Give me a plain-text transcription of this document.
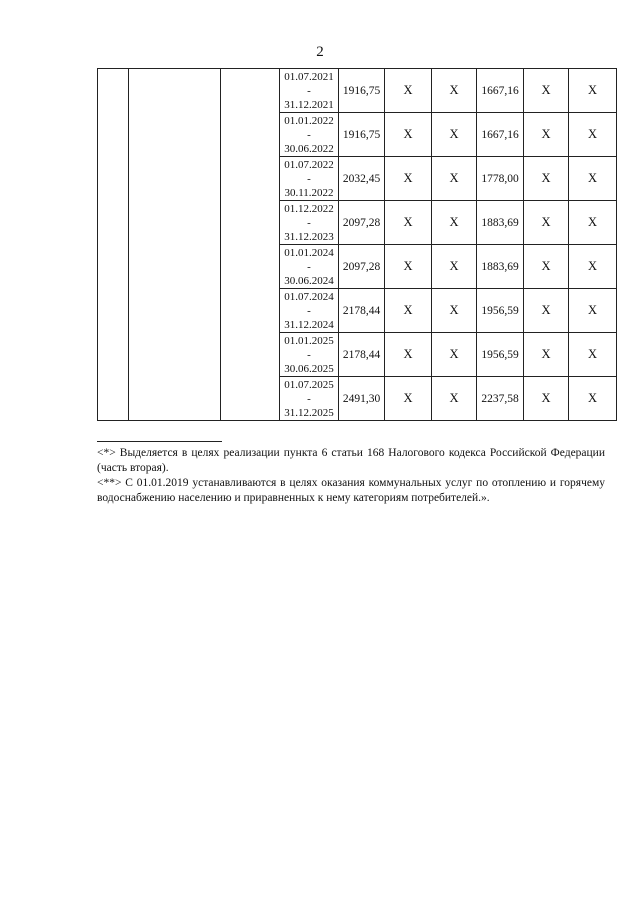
2

			01.07.2021
-
31.12.2021	1916,75	X	X	1667,16	X	X

			01.01.2022
-
30.06.2022	1916,75	X	X	1667,16	X	X

			01.07.2022
-
30.11.2022	2032,45	X	X	1778,00	X	X

			01.12.2022
-
31.12.2023	2097,28	X	X	1883,69	X	X

			01.01.2024
-
30.06.2024	2097,28	X	X	1883,69	X	X

			01.07.2024
-
31.12.2024	2178,44	X	X	1956,59	X	X

			01.01.2025
-
30.06.2025	2178,44	X	X	1956,59	X	X

			01.07.2025
-
31.12.2025	2491,30	X	X	2237,58	X	X

<*> Выделяется в целях реализации пункта 6 статьи 168 Налогового кодекса Российской Федерации (часть вторая).

<**> С 01.01.2019 устанавливаются в целях оказания коммунальных услуг по отоплению и горячему водоснабжению населению и приравненных к нему категориям потребителей.».
